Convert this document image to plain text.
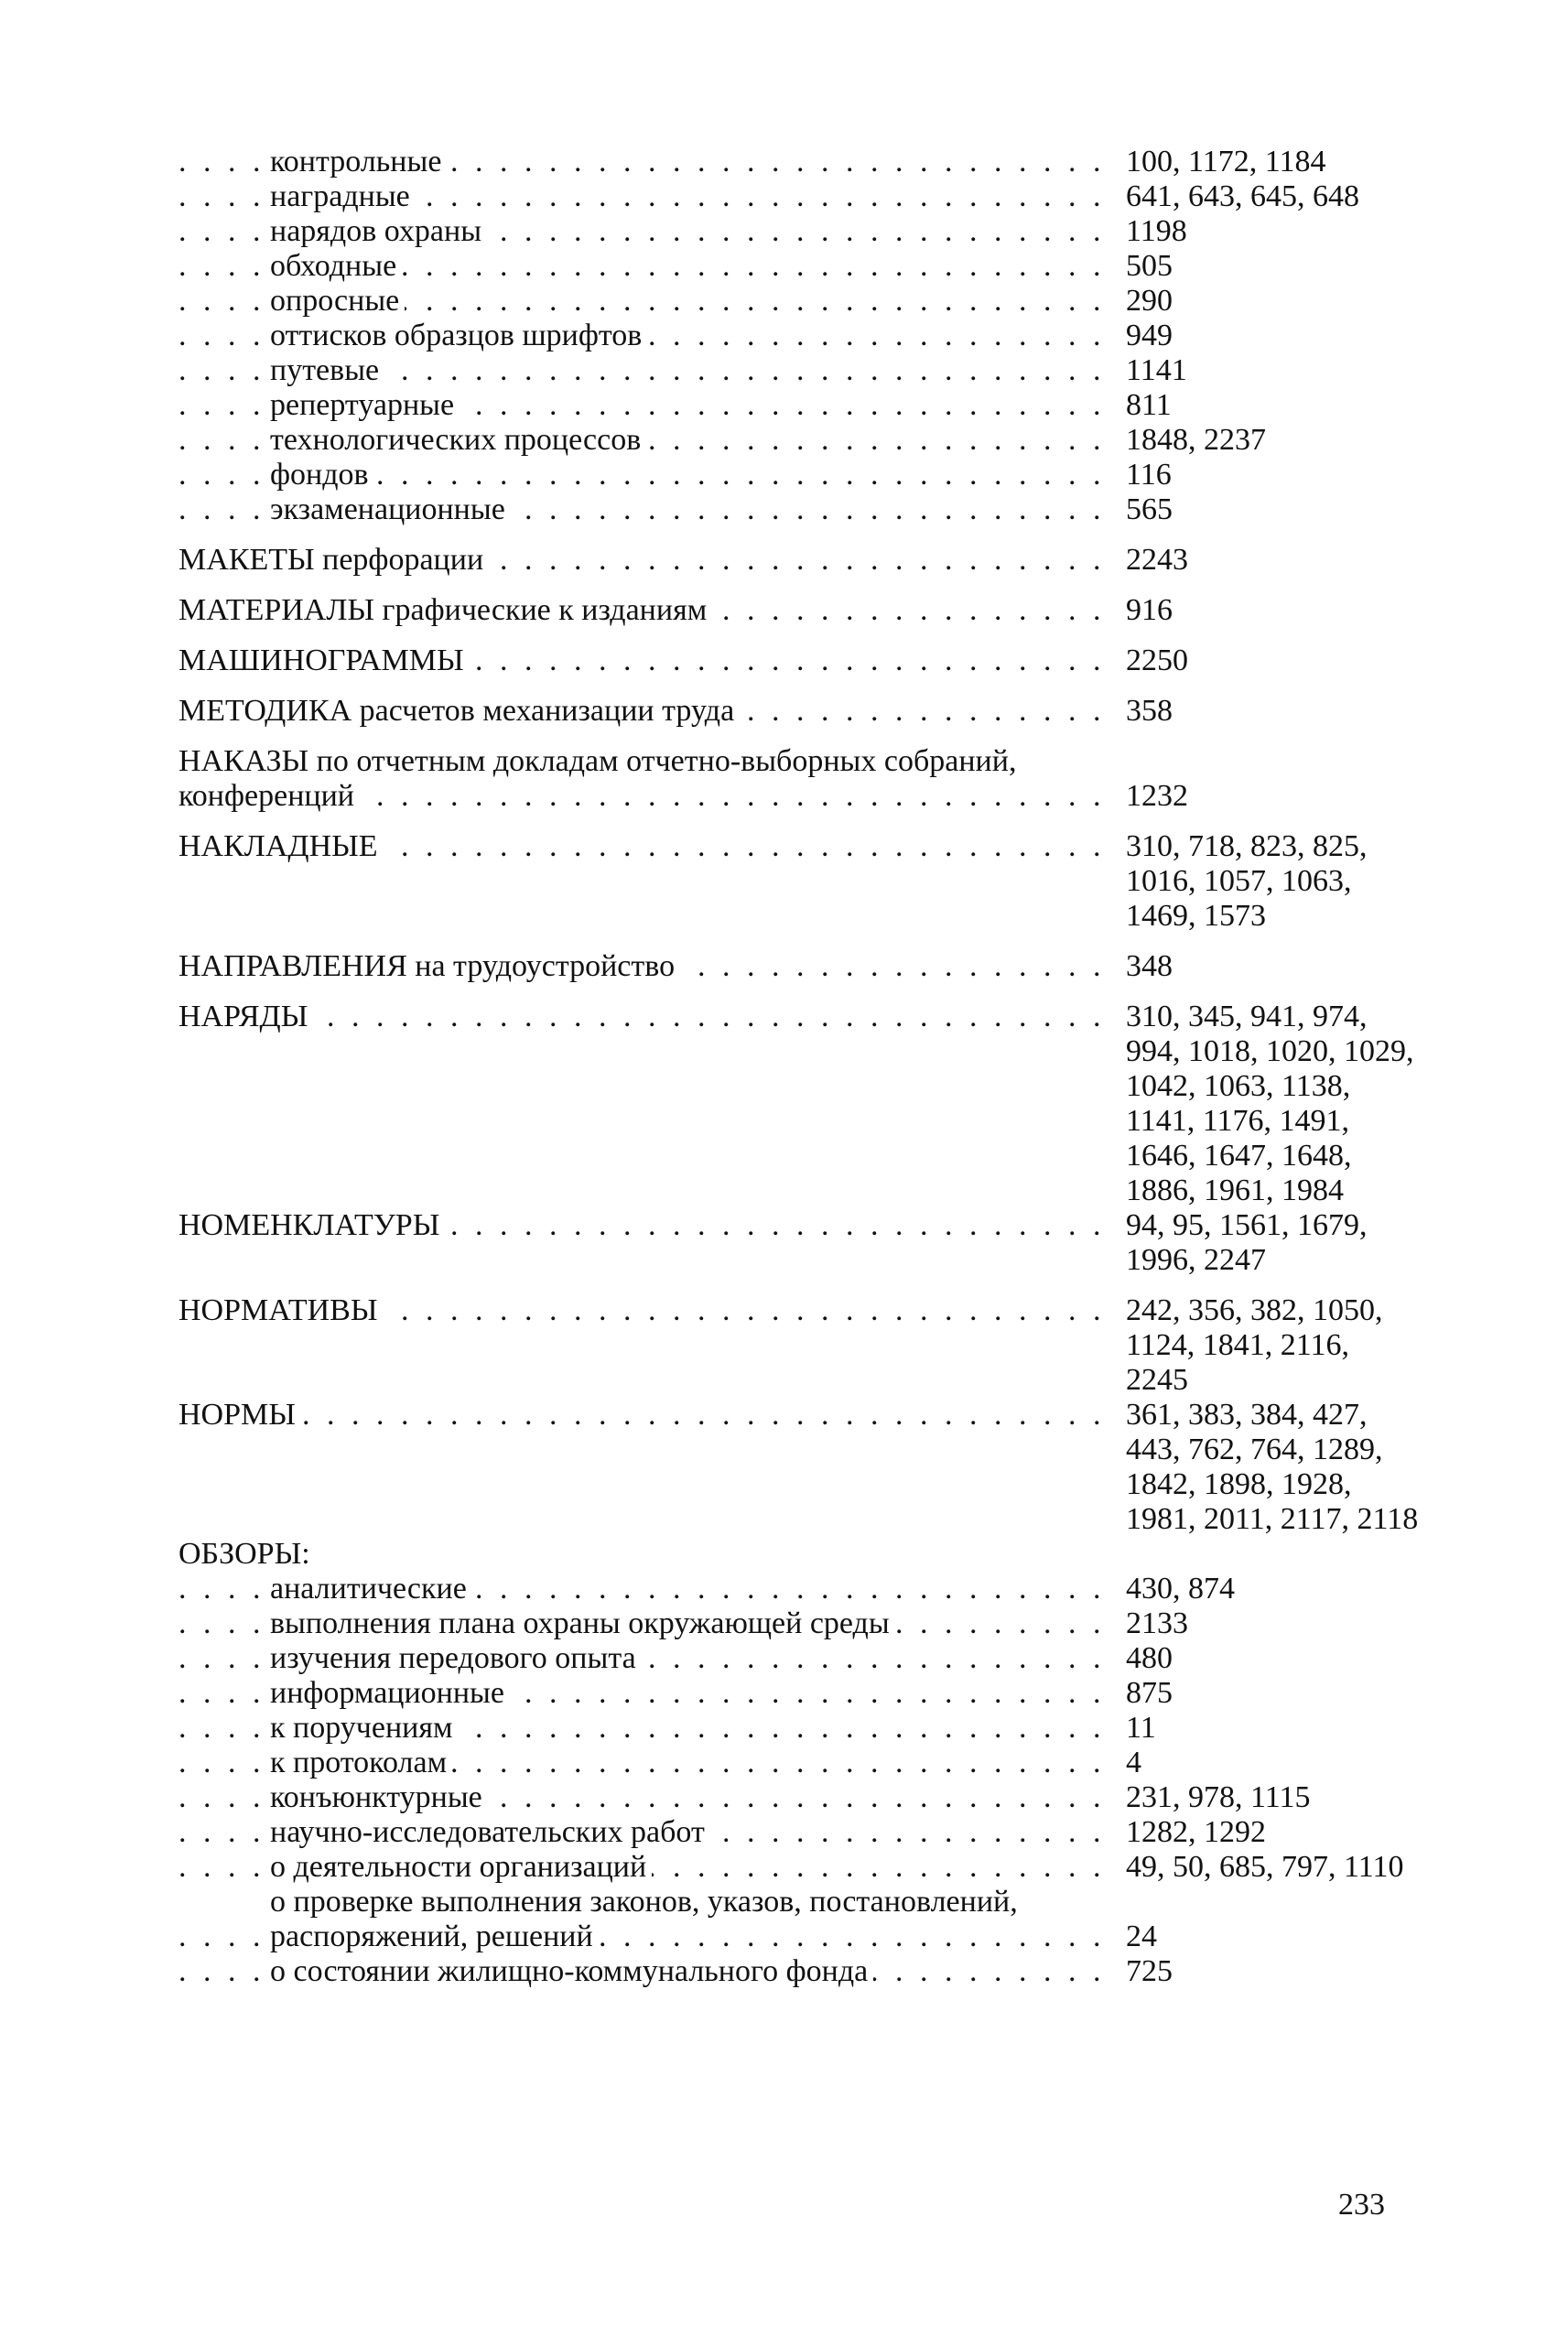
контрольные . . .	100, 1172, 1184
наградные . . .	641, 643, 645, 648
нарядов охраны . . .	1198
обходные . . .	505
опросные . . .	290
оттисков образцов шрифтов . . .	949
путевые . . .	1141
репертуарные . . .	811
технологических процессов . . .	1848, 2237
фондов . . .	116
экзаменационные . . .	565
МАКЕТЫ перфорации . . .	2243
МАТЕРИАЛЫ графические к изданиям . . .	916
МАШИНОГРАММЫ . . .	2250
МЕТОДИКА расчетов механизации труда . . .	358
НАКАЗЫ по отчетным докладам отчетно-выборных собраний,
конференций . . .	1232
НАКЛАДНЫЕ . . .	310, 718, 823, 825, 1016, 1057, 1063, 1469, 1573
НАПРАВЛЕНИЯ на трудоустройство . . .	348
НАРЯДЫ . . .	310, 345, 941, 974, 994, 1018, 1020, 1029, 1042, 1063, 1138, 1141, 1176, 1491, 1646, 1647, 1648, 1886, 1961, 1984
НОМЕНКЛАТУРЫ . . .	94, 95, 1561, 1679, 1996, 2247
НОРМАТИВЫ . . .	242, 356, 382, 1050, 1124, 1841, 2116, 2245
НОРМЫ . . .	361, 383, 384, 427, 443, 762, 764, 1289, 1842, 1898, 1928, 1981, 2011, 2117, 2118
ОБЗОРЫ:
аналитические . . .	430, 874
выполнения плана охраны окружающей среды . . .	2133
изучения передового опыта . . .	480
информационные . . .	875
к поручениям . . .	11
к протоколам . . .	4
конъюнктурные . . .	231, 978, 1115
научно-исследовательских работ . . .	1282, 1292
о деятельности организаций . . .	49, 50, 685, 797, 1110
о проверке выполнения законов, указов, постановлений,
распоряжений, решений . . .	24
о состоянии жилищно-коммунального фонда . . .	725
233
